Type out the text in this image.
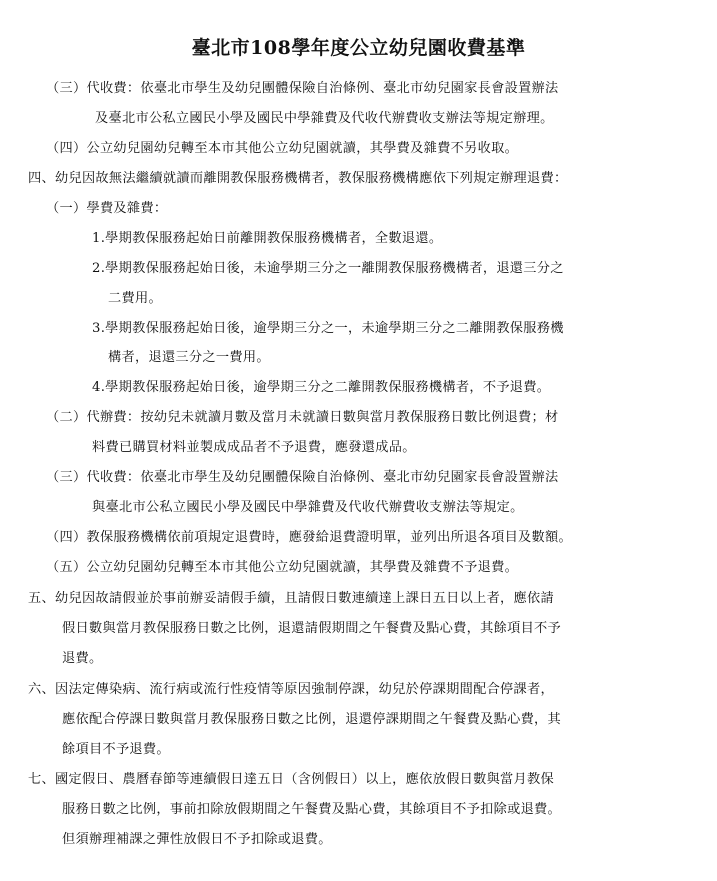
臺北市108學年度公立幼兒園收費基準
（三）代收費：依臺北市學生及幼兒團體保險自治條例、臺北市幼兒園家長會設置辦法
及臺北市公私立國民小學及國民中學雜費及代收代辦費收支辦法等規定辦理。
（四）公立幼兒園幼兒轉至本市其他公立幼兒園就讀，其學費及雜費不另收取。
四、幼兒因故無法繼續就讀而離開教保服務機構者，教保服務機構應依下列規定辦理退費：
（一）學費及雜費：
1.學期教保服務起始日前離開教保服務機構者，全數退還。
2.學期教保服務起始日後，未逾學期三分之一離開教保服務機構者，退還三分之
二費用。
3.學期教保服務起始日後，逾學期三分之一，未逾學期三分之二離開教保服務機
構者，退還三分之一費用。
4.學期教保服務起始日後，逾學期三分之二離開教保服務機構者，不予退費。
（二）代辦費：按幼兒未就讀月數及當月未就讀日數與當月教保服務日數比例退費；材
料費已購買材料並製成成品者不予退費，應發還成品。
（三）代收費：依臺北市學生及幼兒團體保險自治條例、臺北市幼兒園家長會設置辦法
與臺北市公私立國民小學及國民中學雜費及代收代辦費收支辦法等規定。
（四）教保服務機構依前項規定退費時，應發給退費證明單，並列出所退各項目及數額。
（五）公立幼兒園幼兒轉至本市其他公立幼兒園就讀，其學費及雜費不予退費。
五、幼兒因故請假並於事前辦妥請假手續，且請假日數連續達上課日五日以上者，應依請
假日數與當月教保服務日數之比例，退還請假期間之午餐費及點心費，其餘項目不予
退費。
六、因法定傳染病、流行病或流行性疫情等原因強制停課，幼兒於停課期間配合停課者，
應依配合停課日數與當月教保服務日數之比例，退還停課期間之午餐費及點心費，其
餘項目不予退費。
七、國定假日、農曆春節等連續假日達五日（含例假日）以上，應依放假日數與當月教保
服務日數之比例，事前扣除放假期間之午餐費及點心費，其餘項目不予扣除或退費。
但須辦理補課之彈性放假日不予扣除或退費。
